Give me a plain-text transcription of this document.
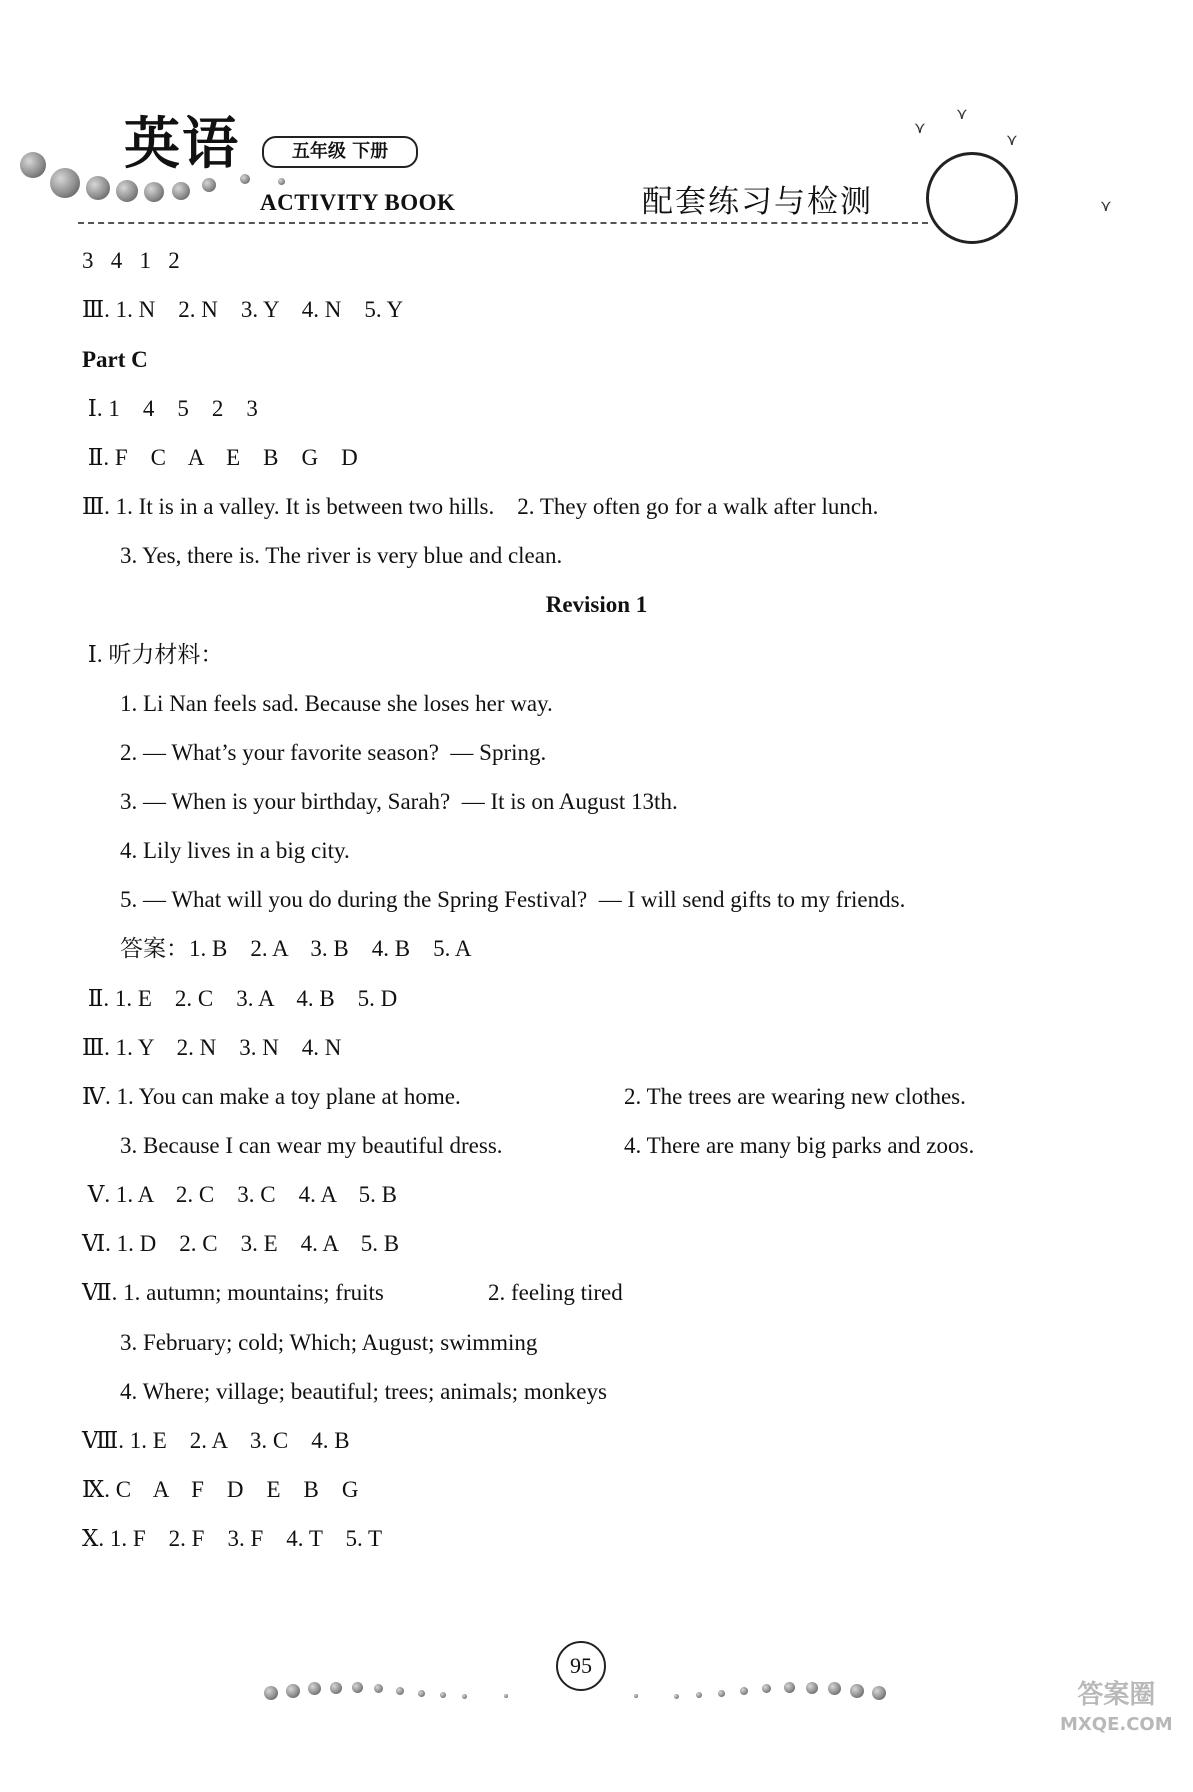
英语	五年级 下册
ACTIVITY BOOK	配套练习与检测
⋎
⋎
⋎
⋎
3   4   1   2
Ⅲ. 1. N    2. N    3. Y    4. N    5. Y
Part C
Ⅰ. 1    4    5    2    3
Ⅱ. F    C    A    E    B    G    D
Ⅲ. 1. It is in a valley. It is between two hills.    2. They often go for a walk after lunch.
3. Yes, there is. The river is very blue and clean.
Revision 1
Ⅰ. 听力材料：
1. Li Nan feels sad. Because she loses her way.
2. — What’s your favorite season?  — Spring.
3. — When is your birthday, Sarah?  — It is on August 13th.
4. Lily lives in a big city.
5. — What will you do during the Spring Festival?  — I will send gifts to my friends.
答案：1. B    2. A    3. B    4. B    5. A
Ⅱ. 1. E    2. C    3. A    4. B    5. D
Ⅲ. 1. Y    2. N    3. N    4. N
Ⅳ. 1. You can make a toy plane at home.	2. The trees are wearing new clothes.
3. Because I can wear my beautiful dress.	4. There are many big parks and zoos.
Ⅴ. 1. A    2. C    3. C    4. A    5. B
Ⅵ. 1. D    2. C    3. E    4. A    5. B
Ⅶ. 1. autumn; mountains; fruits	2. feeling tired
3. February; cold; Which; August; swimming
4. Where; village; beautiful; trees; animals; monkeys
Ⅷ. 1. E    2. A    3. C    4. B
Ⅸ. C    A    F    D    E    B    G
Ⅹ. 1. F    2. F    3. F    4. T    5. T
95
答案圈
MXQE.COM
